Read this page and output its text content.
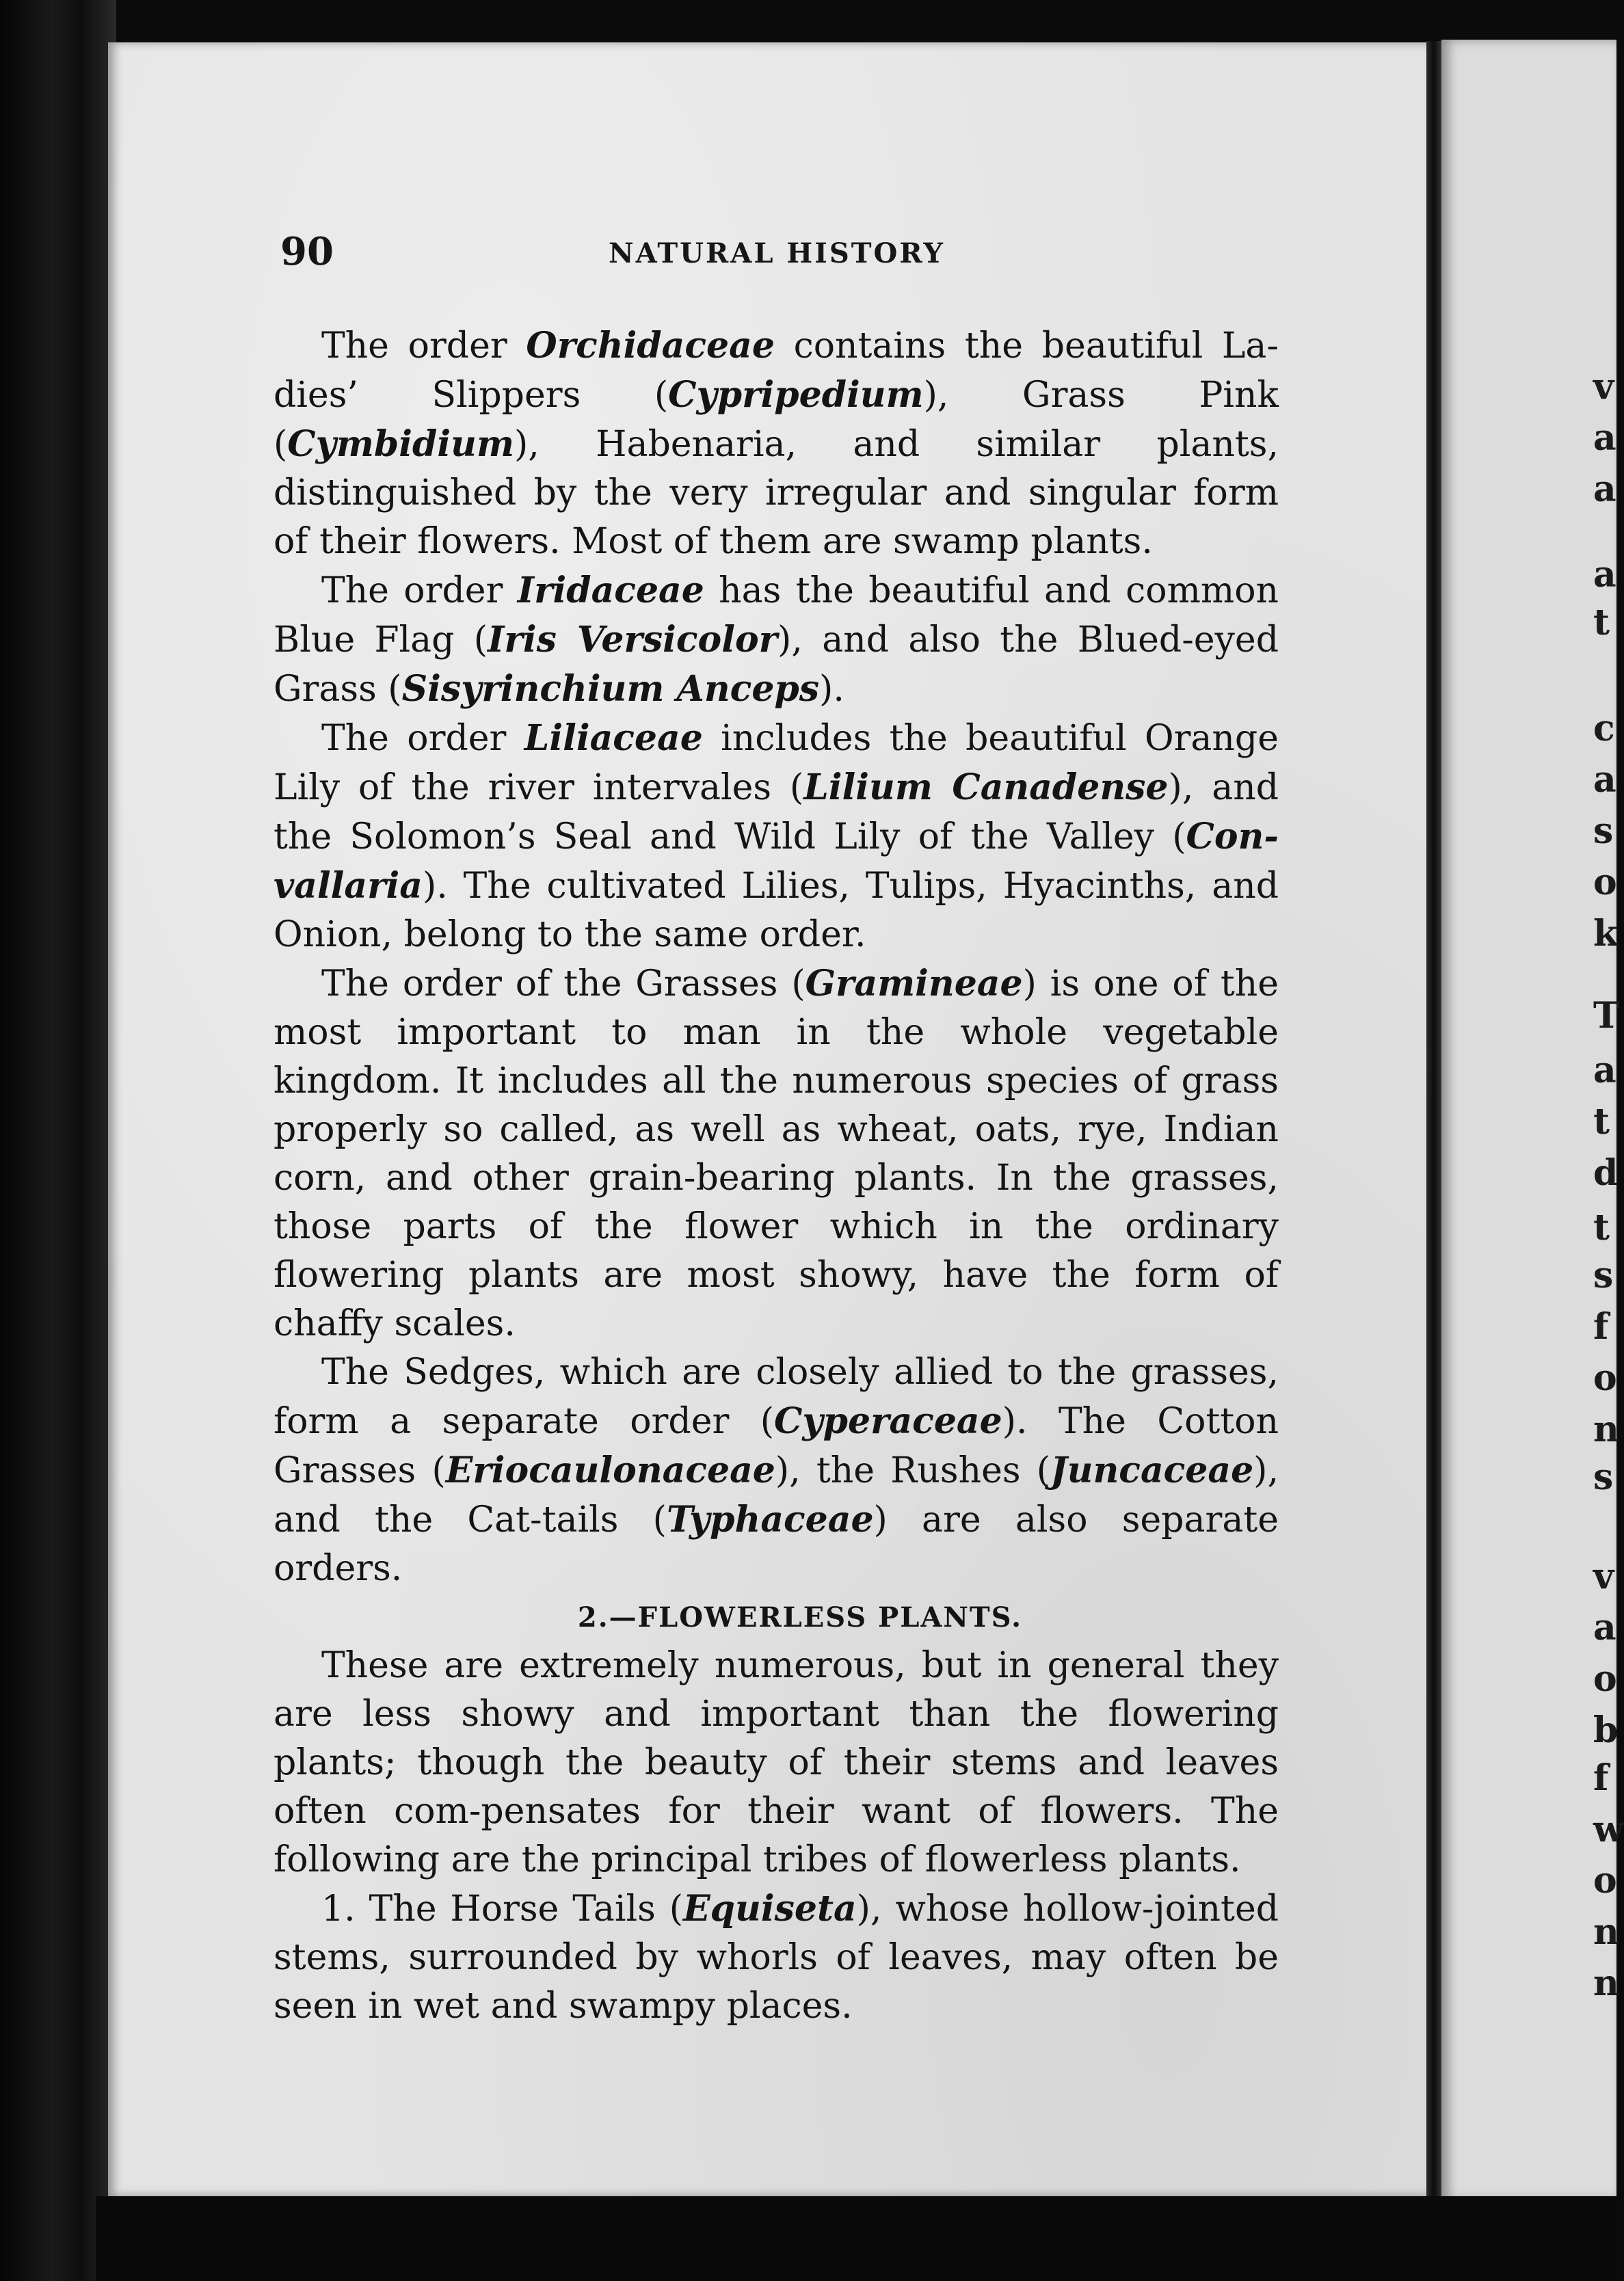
90	NATURAL HISTORY

The order Orchidaceae contains the beautiful La-dies’ Slippers (Cypripedium), Grass Pink (Cymbidium), Habenaria, and similar plants, distinguished by the very irregular and singular form of their flowers. Most of them are swamp plants.

The order Iridaceae has the beautiful and common Blue Flag (Iris Versicolor), and also the Blued-eyed Grass (Sisyrinchium Anceps).

The order Liliaceae includes the beautiful Orange Lily of the river intervales (Lilium Canadense), and the Solomon’s Seal and Wild Lily of the Valley (Con-vallaria). The cultivated Lilies, Tulips, Hyacinths, and Onion, belong to the same order.

The order of the Grasses (Gramineae) is one of the most important to man in the whole vegetable kingdom. It includes all the numerous species of grass properly so called, as well as wheat, oats, rye, Indian corn, and other grain-bearing plants. In the grasses, those parts of the flower which in the ordinary flowering plants are most showy, have the form of chaffy scales.

The Sedges, which are closely allied to the grasses, form a separate order (Cyperaceae). The Cotton Grasses (Eriocaulonaceae), the Rushes (Juncaceae), and the Cat-tails (Typhaceae) are also separate orders.

2.—FLOWERLESS PLANTS.

These are extremely numerous, but in general they are less showy and important than the flowering plants; though the beauty of their stems and leaves often com-pensates for their want of flowers. The following are the principal tribes of flowerless plants.

1. The Horse Tails (Equiseta), whose hollow-jointed stems, surrounded by whorls of leaves, may often be seen in wet and swampy places.

v
a
a
a
t
c
a
s
o
k
T
a
t
d
t
s
f
o
n
s
v
a
o
b
f
w
o
n
n
